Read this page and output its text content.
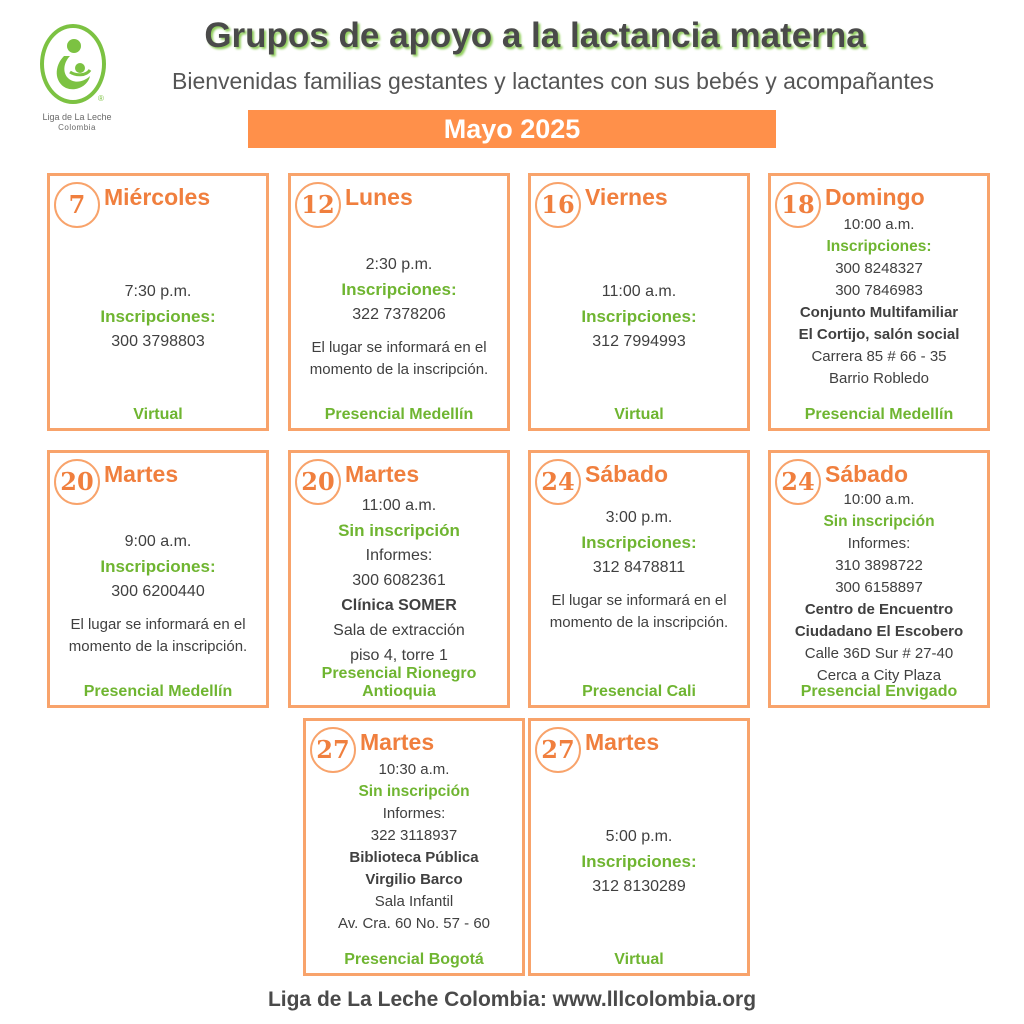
®
Liga de La Leche
Colombia
Grupos de apoyo a la lactancia materna
Bienvenidas familias gestantes y lactantes con sus bebés y acompañantes
Mayo 2025
7 Miércoles
7:30 p.m.
Inscripciones:
300 3798803
Virtual
12 Lunes
2:30 p.m.
Inscripciones:
322 7378206
El lugar se informará en el
momento de la inscripción.
Presencial Medellín
16 Viernes
11:00 a.m.
Inscripciones:
312 7994993
Virtual
18 Domingo
10:00 a.m.
Inscripciones:
300 8248327
300 7846983
Conjunto Multifamiliar
El Cortijo, salón social
Carrera 85 # 66 - 35
Barrio Robledo
Presencial Medellín
20 Martes
9:00 a.m.
Inscripciones:
300 6200440
El lugar se informará en el
momento de la inscripción.
Presencial Medellín
20 Martes
11:00 a.m.
Sin inscripción
Informes:
300 6082361
Clínica SOMER
Sala de extracción
piso 4, torre 1
Presencial Rionegro
Antioquia
24 Sábado
3:00 p.m.
Inscripciones:
312 8478811
El lugar se informará en el
momento de la inscripción.
Presencial Cali
24 Sábado
10:00 a.m.
Sin inscripción
Informes:
310 3898722
300 6158897
Centro de Encuentro
Ciudadano El Escobero
Calle 36D Sur # 27-40
Cerca a City Plaza
Presencial Envigado
27 Martes
10:30 a.m.
Sin inscripción
Informes:
322 3118937
Biblioteca Pública
Virgilio Barco
Sala Infantil
Av. Cra. 60 No. 57 - 60
Presencial Bogotá
27 Martes
5:00 p.m.
Inscripciones:
312 8130289
Virtual
Liga de La Leche Colombia: www.lllcolombia.org
